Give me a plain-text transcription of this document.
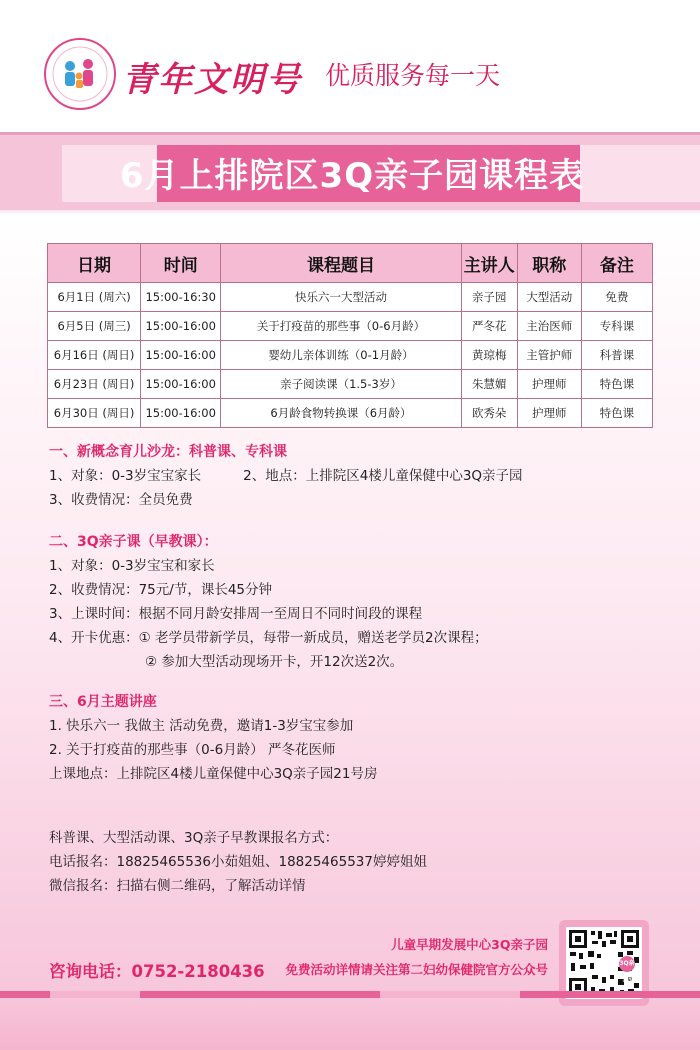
青年文明号 优质服务每一天
6月上排院区3Q亲子园课程表
日期	时间	课程题目	主讲人	职称	备注
6月1日 (周六)	15:00-16:30	快乐六一大型活动	亲子园	大型活动	免费
6月5日 (周三)	15:00-16:00	关于打疫苗的那些事（0-6月龄）	严冬花	主治医师	专科课
6月16日 (周日)	15:00-16:00	婴幼儿亲体训练（0-1月龄）	黄琼梅	主管护师	科普课
6月23日 (周日)	15:00-16:00	亲子阅读课（1.5-3岁）	朱慧媚	护理师	特色课
6月30日 (周日)	15:00-16:00	6月龄食物转换课（6月龄）	欧秀朵	护理师	特色课
一、新概念育儿沙龙：科普课、专科课
1、对象：0-3岁宝宝家长	2、地点：上排院区4楼儿童保健中心3Q亲子园
3、收费情况：全员免费
二、3Q亲子课（早教课）：
1、对象：0-3岁宝宝和家长
2、收费情况：75元/节，课长45分钟
3、上课时间：根据不同月龄安排周一至周日不同时间段的课程
4、开卡优惠：① 老学员带新学员，每带一新成员，赠送老学员2次课程；
② 参加大型活动现场开卡，开12次送2次。
三、6月主题讲座
1. 快乐六一 我做主 活动免费，邀请1-3岁宝宝参加
2. 关于打疫苗的那些事（0-6月龄） 严冬花医师
上课地点：上排院区4楼儿童保健中心3Q亲子园21号房
科普课、大型活动课、3Q亲子早教课报名方式：
电话报名：18825465536小茹姐姐、18825465537婷婷姐姐
微信报名：扫描右侧二维码，了解活动详情
儿童早期发展中心3Q亲子园
免费活动详情请关注第二妇幼保健院官方公众号
咨询电话：0752-2180436	3Q亲子园
